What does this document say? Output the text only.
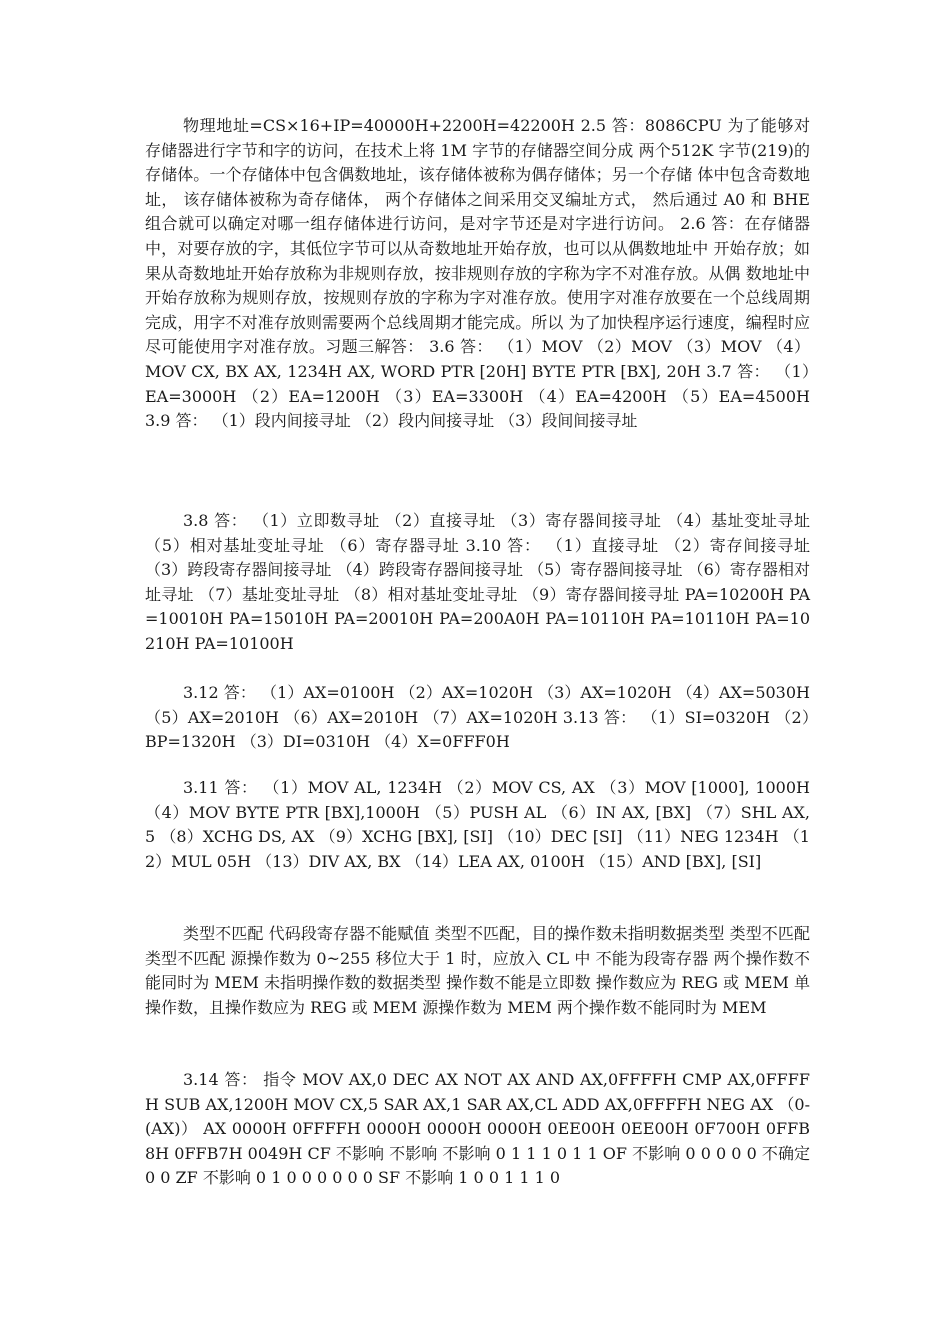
物理地址=CS×16+IP=40000H+2200H=42200H 2.5 答：8086CPU 为了能够对存储器进行字节和字的访问，在技术上将 1M 字节的存储器空间分成 两个512K 字节(219)的存储体。一个存储体中包含偶数地址，该存储体被称为偶存储体；另一个存储 体中包含奇数地址， 该存储体被称为奇存储体， 两个存储体之间采用交叉编址方式， 然后通过 A0 和 BHE 组合就可以确定对哪一组存储体进行访问，是对字节还是对字进行访问。 2.6 答：在存储器中，对要存放的字，其低位字节可以从奇数地址开始存放，也可以从偶数地址中 开始存放；如果从奇数地址开始存放称为非规则存放，按非规则存放的字称为字不对准存放。从偶 数地址中开始存放称为规则存放，按规则存放的字称为字对准存放。使用字对准存放要在一个总线周期完成，用字不对准存放则需要两个总线周期才能完成。所以 为了加快程序运行速度，编程时应尽可能使用字对准存放。习题三解答： 3.6 答： （1）MOV （2）MOV （3）MOV （4）MOV CX, BX AX, 1234H AX, WORD PTR [20H] BYTE PTR [BX], 20H 3.7 答： （1）EA=3000H （2）EA=1200H （3）EA=3300H （4）EA=4200H （5）EA=4500H 3.9 答： （1）段内间接寻址 （2）段内间接寻址 （3）段间间接寻址

3.8 答： （1）立即数寻址 （2）直接寻址 （3）寄存器间接寻址 （4）基址变址寻址 （5）相对基址变址寻址 （6）寄存器寻址 3.10 答： （1）直接寻址 （2）寄存间接寻址 （3）跨段寄存器间接寻址 （4）跨段寄存器间接寻址 （5）寄存器间接寻址 （6）寄存器相对址寻址 （7）基址变址寻址 （8）相对基址变址寻址 （9）寄存器间接寻址 PA=10200H PA=10010H PA=15010H PA=20010H PA=200A0H PA=10110H PA=10110H PA=10210H PA=10100H

3.12 答： （1）AX=0100H （2）AX=1020H （3）AX=1020H （4）AX=5030H （5）AX=2010H （6）AX=2010H （7）AX=1020H 3.13 答： （1）SI=0320H （2）BP=1320H （3）DI=0310H （4）X=0FFF0H

3.11 答： （1）MOV AL, 1234H （2）MOV CS, AX （3）MOV [1000], 1000H （4）MOV BYTE PTR [BX],1000H （5）PUSH AL （6）IN AX, [BX] （7）SHL AX, 5 （8）XCHG DS, AX （9）XCHG [BX], [SI] （10）DEC [SI] （11）NEG 1234H （12）MUL 05H （13）DIV AX, BX （14）LEA AX, 0100H （15）AND [BX], [SI]

类型不匹配 代码段寄存器不能赋值 类型不匹配，目的操作数未指明数据类型 类型不匹配 类型不匹配 源操作数为 0~255 移位大于 1 时，应放入 CL 中 不能为段寄存器 两个操作数不能同时为 MEM 未指明操作数的数据类型 操作数不能是立即数 操作数应为 REG 或 MEM 单操作数，且操作数应为 REG 或 MEM 源操作数为 MEM 两个操作数不能同时为 MEM

3.14 答： 指令 MOV AX,0 DEC AX NOT AX AND AX,0FFFFH CMP AX,0FFFFH SUB AX,1200H MOV CX,5 SAR AX,1 SAR AX,CL ADD AX,0FFFFH NEG AX （0-(AX)） AX 0000H 0FFFFH 0000H 0000H 0000H 0EE00H 0EE00H 0F700H 0FFB8H 0FFB7H 0049H CF 不影响 不影响 不影响 0 1 1 1 0 1 1 OF 不影响 0 0 0 0 0 不确定 0 0 ZF 不影响 0 1 0 0 0 0 0 0 SF 不影响 1 0 0 1 1 1 0
